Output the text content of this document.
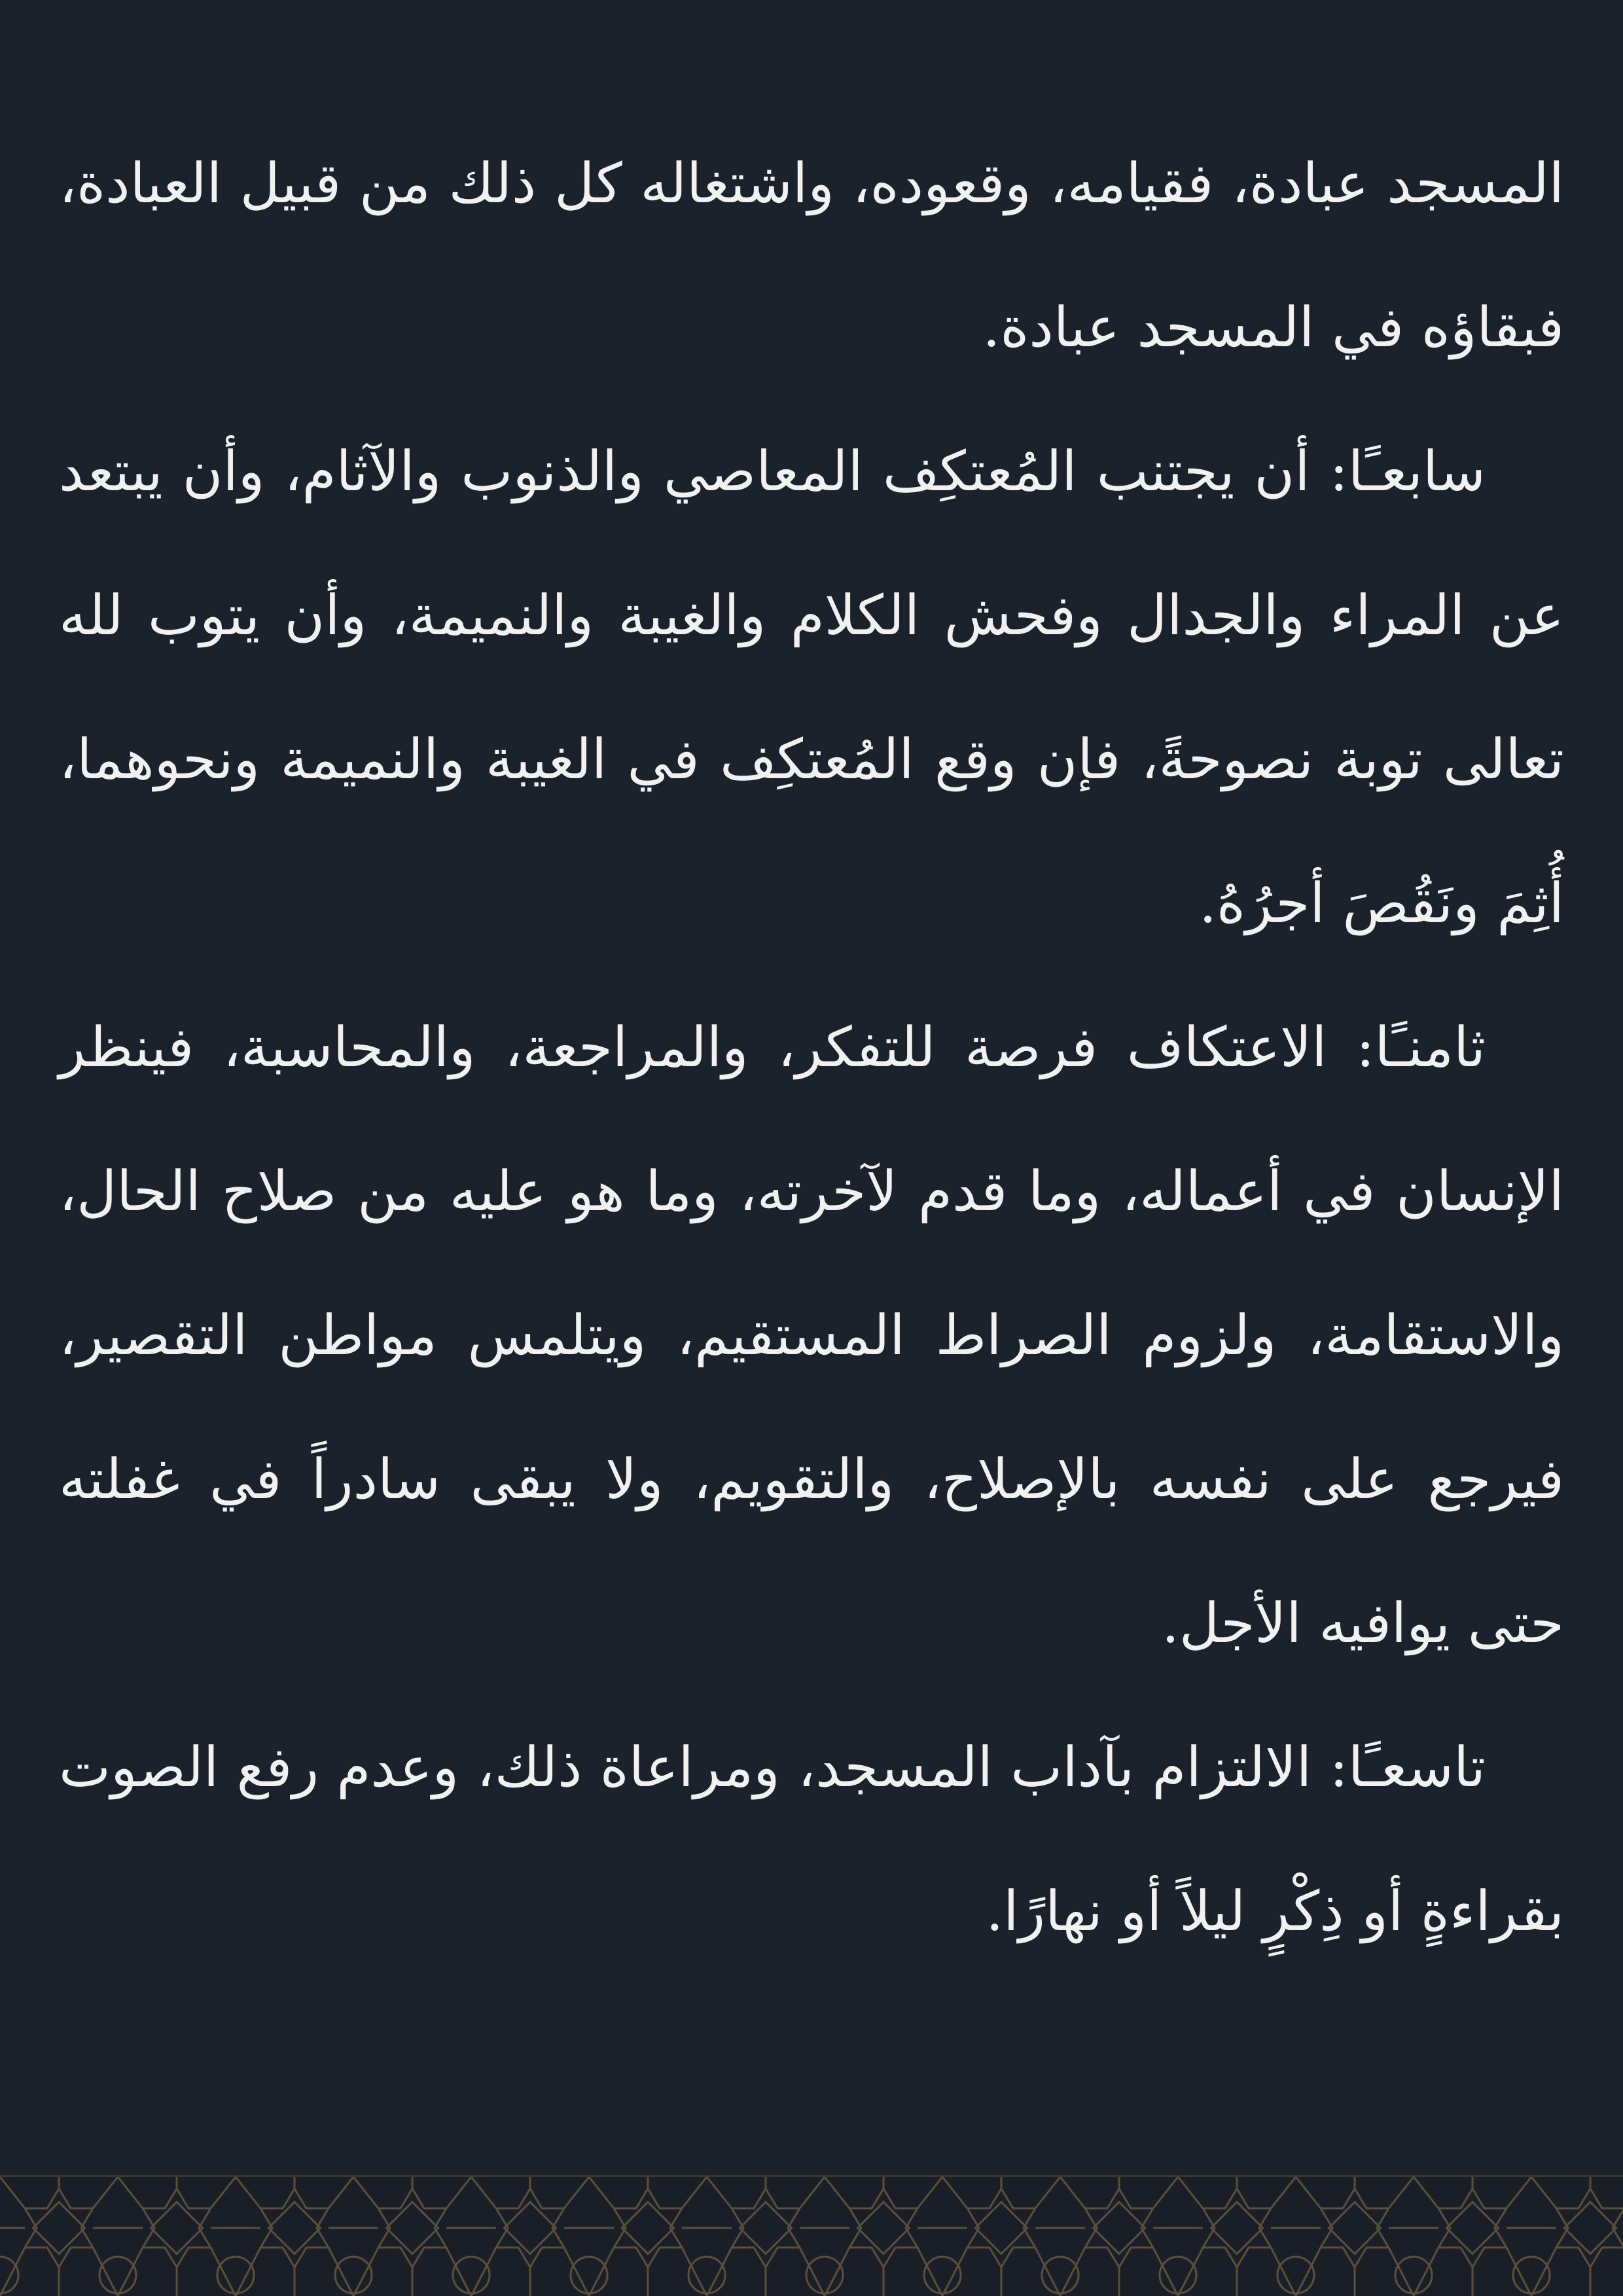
المسجد عبادة، فقيامه، وقعوده، واشتغاله كل ذلك من قبيل العبادة، فبقاؤه في المسجد عبادة.

سابعـًا: أن يجتنب المُعتكِف المعاصي والذنوب والآثام، وأن يبتعد عن المراء والجدال وفحش الكلام والغيبة والنميمة، وأن يتوب لله تعالى توبة نصوحةً، فإن وقع المُعتكِف في الغيبة والنميمة ونحوهما، أُثِمَ ونَقُصَ أجرُهُ.

ثامنـًا: الاعتكاف فرصة للتفكر، والمراجعة، والمحاسبة، فينظر الإنسان في أعماله، وما قدم لآخرته، وما هو عليه من صلاح الحال، والاستقامة، ولزوم الصراط المستقيم، ويتلمس مواطن التقصير، فيرجع على نفسه بالإصلاح، والتقويم، ولا يبقى سادراً في غفلته حتى يوافيه الأجل.

تاسعـًا: الالتزام بآداب المسجد، ومراعاة ذلك، وعدم رفع الصوت بقراءةٍ أو ذِكْرٍ ليلاً أو نهارًا.
